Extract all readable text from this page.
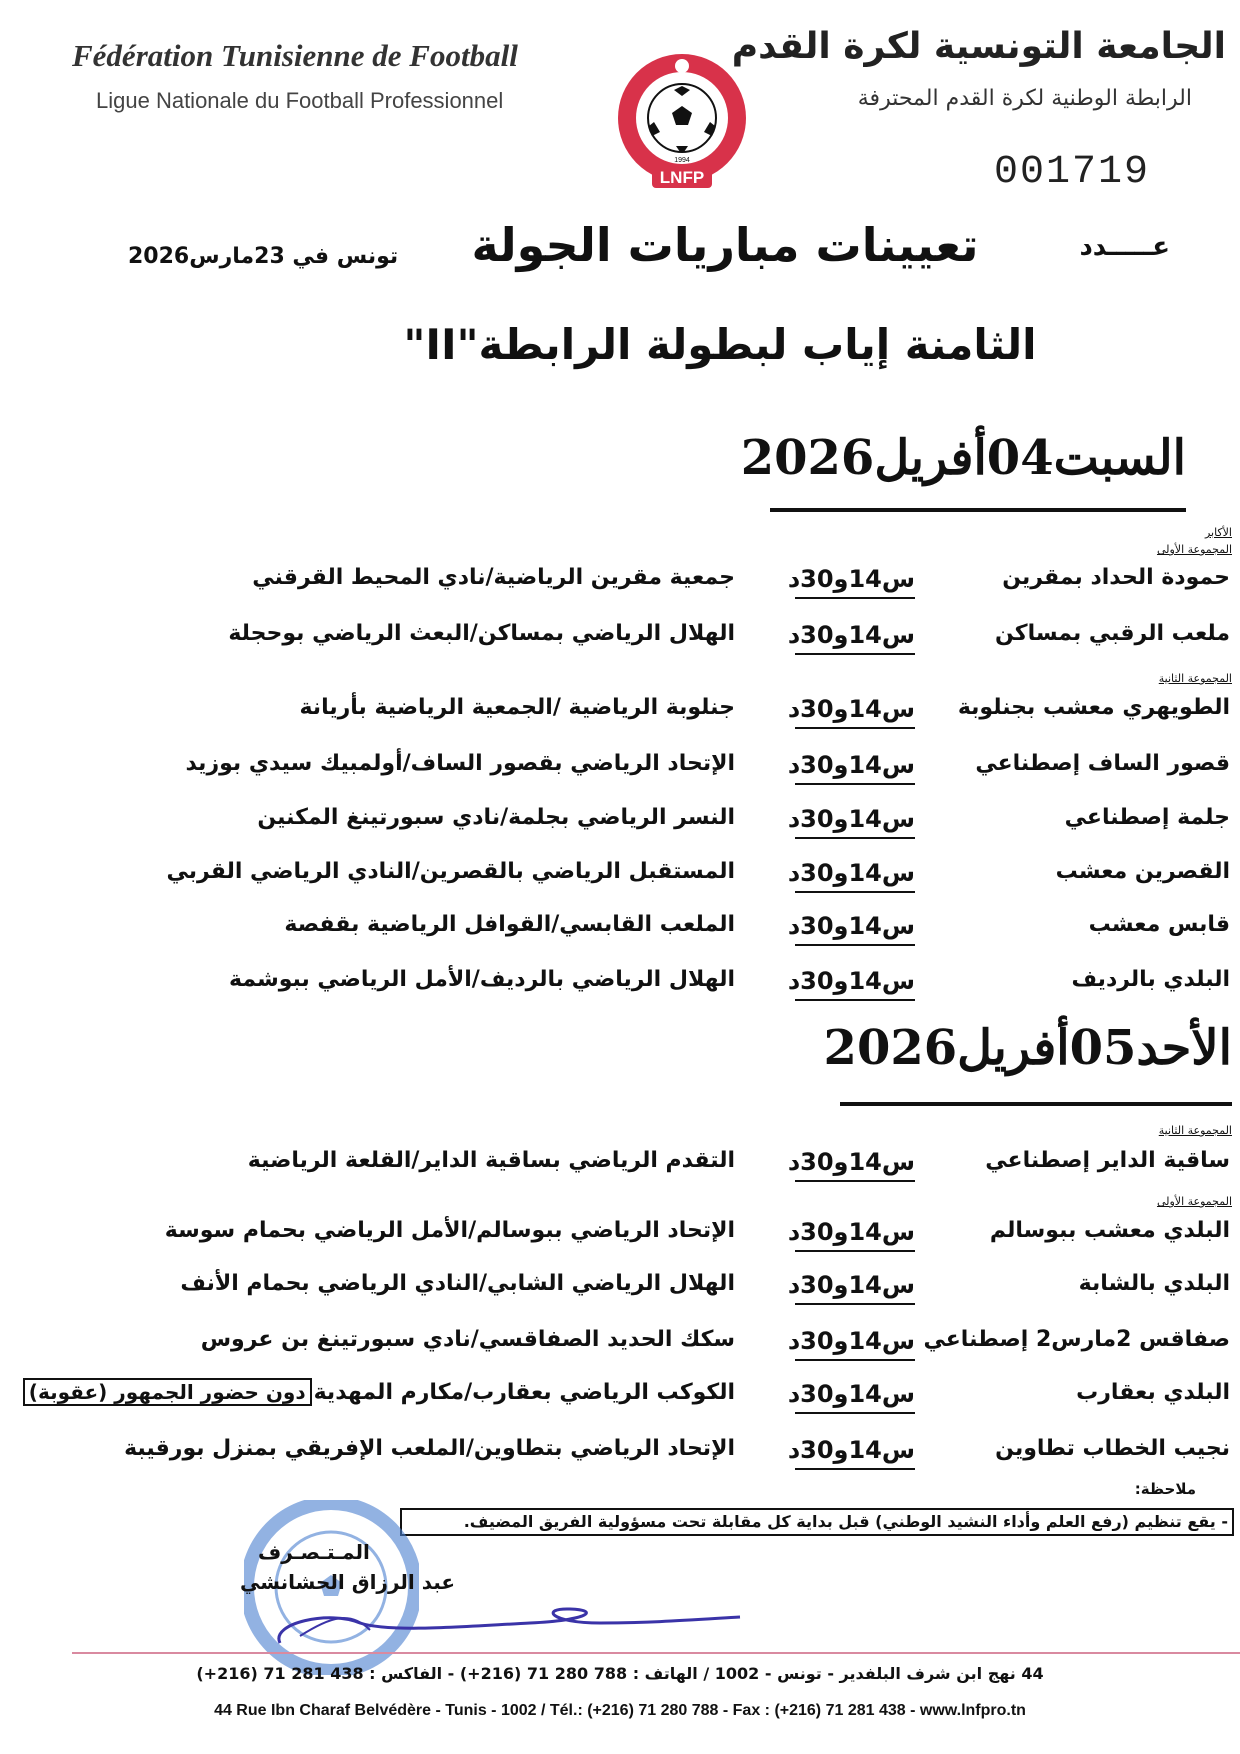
Fédération Tunisienne de Football
Ligue Nationale du Football Professionnel
الجامعة التونسية لكرة القدم
الرابطة الوطنية لكرة القدم المحترفة
LNFP
1994	001719
عـــــدد
تعيينات مباريات الجولة
تونس في 23مارس2026
الثامنة إياب لبطولة الرابطة"II"
السبت04أفريل2026
الأكابر
المجموعة الأولى
حمودة الحداد بمقرين
س14و30د
جمعية مقرين الرياضية/نادي المحيط القرقني
ملعب الرقبي بمساكن
س14و30د
الهلال الرياضي بمساكن/البعث الرياضي بوحجلة
المجموعة الثانية
الطويهري معشب بجنلوبة
س14و30د
جنلوبة الرياضية /الجمعية الرياضية بأريانة
قصور الساف إصطناعي
س14و30د
الإتحاد الرياضي بقصور الساف/أولمبيك سيدي بوزيد
جلمة إصطناعي
س14و30د
النسر الرياضي بجلمة/نادي سبورتينغ المكنين
القصرين معشب
س14و30د
المستقبل الرياضي بالقصرين/النادي الرياضي القربي
قابس معشب
س14و30د
الملعب القابسي/القوافل الرياضية بقفصة
البلدي بالرديف
س14و30د
الهلال الرياضي بالرديف/الأمل الرياضي ببوشمة
الأحد05أفريل2026
المجموعة الثانية
ساقية الداير إصطناعي
س14و30د
التقدم الرياضي بساقية الداير/القلعة الرياضية
المجموعة الأولى
البلدي معشب ببوسالم
س14و30د
الإتحاد الرياضي ببوسالم/الأمل الرياضي بحمام سوسة
البلدي بالشابة
س14و30د
الهلال الرياضي الشابي/النادي الرياضي بحمام الأنف
صفاقس 2مارس2 إصطناعي
س14و30د
سكك الحديد الصفاقسي/نادي سبورتينغ بن عروس
البلدي بعقارب
س14و30د
الكوكب الرياضي بعقارب/مكارم المهديةدون حضور الجمهور (عقوبة)
نجيب الخطاب تطاوين
س14و30د
الإتحاد الرياضي بتطاوين/الملعب الإفريقي بمنزل بورقيبة
ملاحظة:
- يقع تنظيم (رفع العلم وأداء النشيد الوطني) قبل بداية كل مقابلة تحت مسؤولية الفريق المضيف.
المـتـصـرف
عبد الرزاق الحشانشي
44 نهج ابن شرف البلفدير - تونس - 1002 / الهاتف : 788 280 71 (216+) - الفاكس : 438 281 71 (216+)
44 Rue Ibn Charaf Belvédère - Tunis - 1002 / Tél.: (+216) 71 280 788 - Fax : (+216) 71 281 438 - www.lnfpro.tn
